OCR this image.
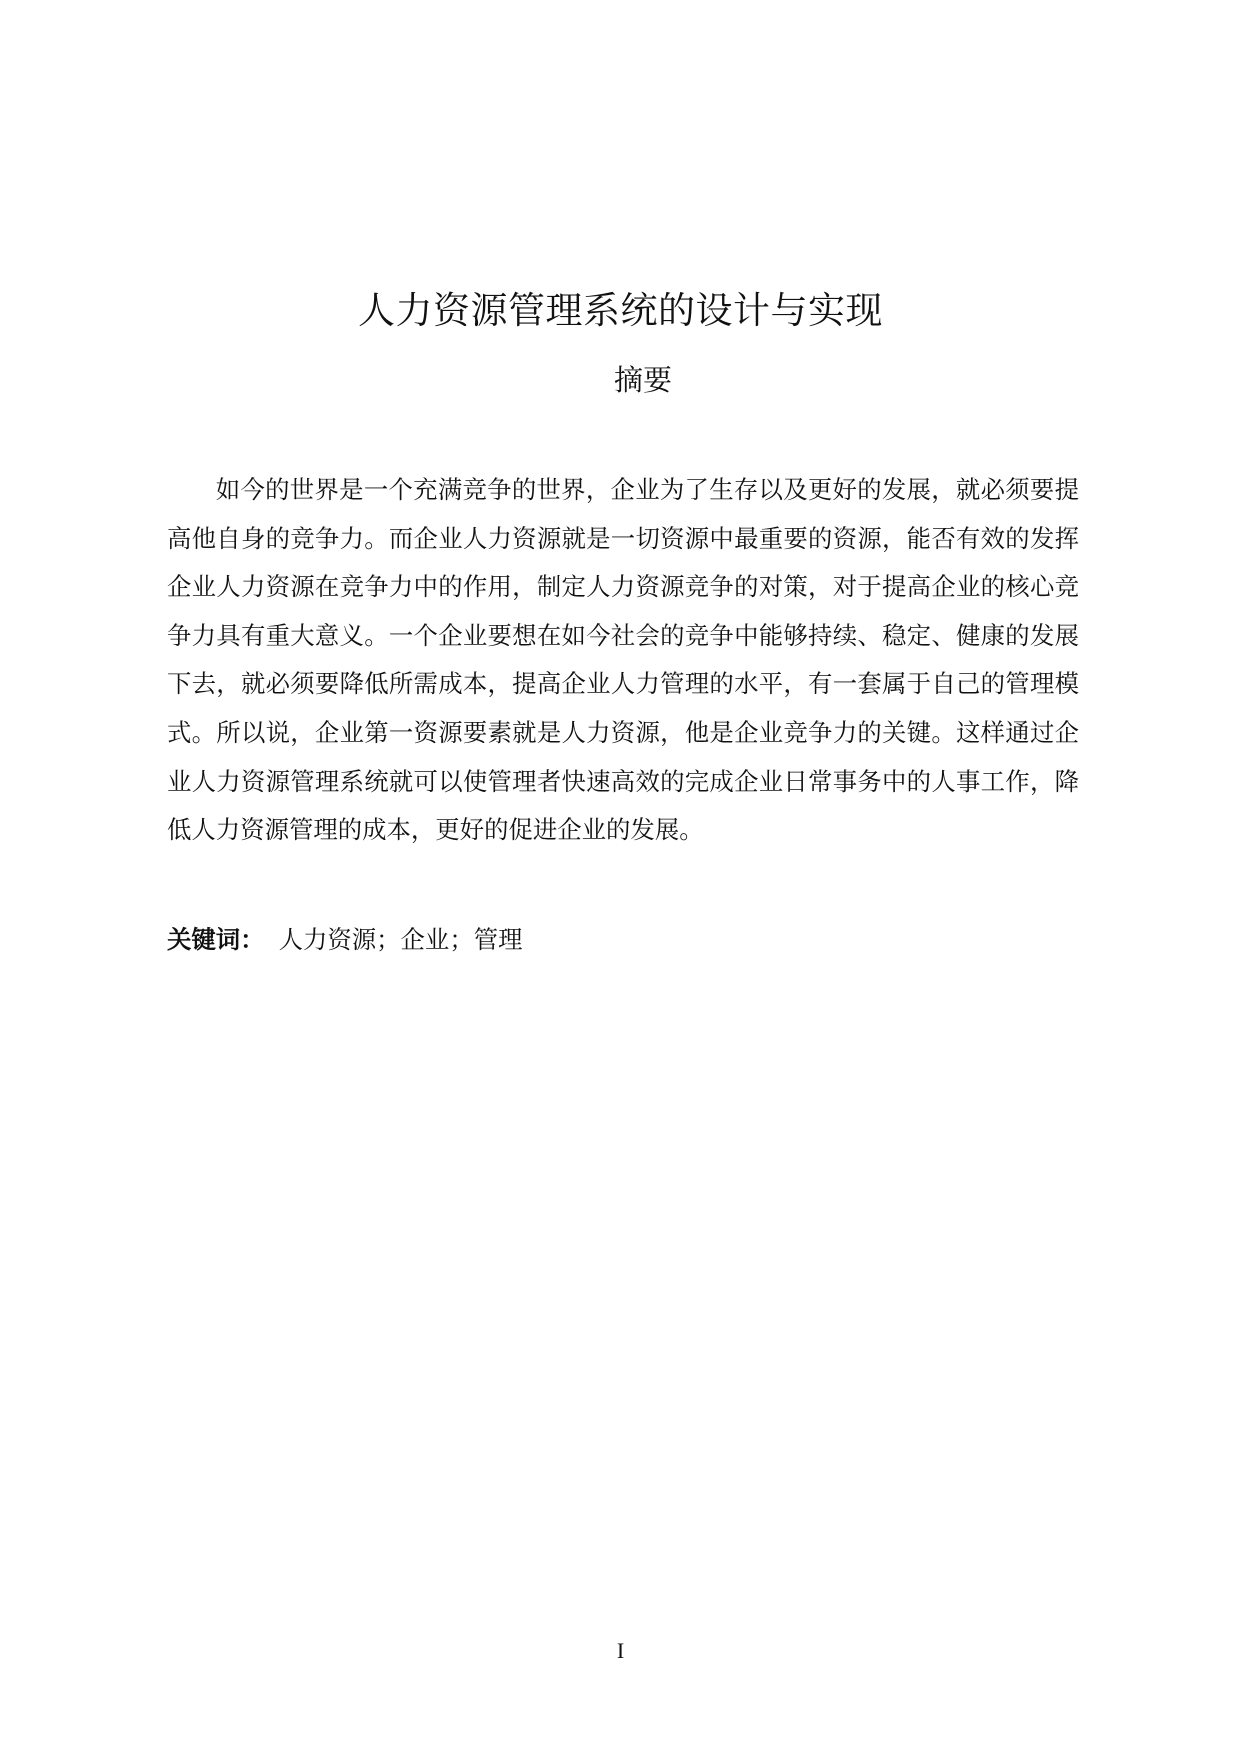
人力资源管理系统的设计与实现
摘要

如今的世界是一个充满竞争的世界，企业为了生存以及更好的发展，就必须要提高他自身的竞争力。而企业人力资源就是一切资源中最重要的资源，能否有效的发挥企业人力资源在竞争力中的作用，制定人力资源竞争的对策，对于提高企业的核心竞争力具有重大意义。一个企业要想在如今社会的竞争中能够持续、稳定、健康的发展下去，就必须要降低所需成本，提高企业人力管理的水平，有一套属于自己的管理模式。所以说，企业第一资源要素就是人力资源，他是企业竞争力的关键。这样通过企业人力资源管理系统就可以使管理者快速高效的完成企业日常事务中的人事工作，降低人力资源管理的成本，更好的促进企业的发展。

关键词： 人力资源；企业；管理
I
